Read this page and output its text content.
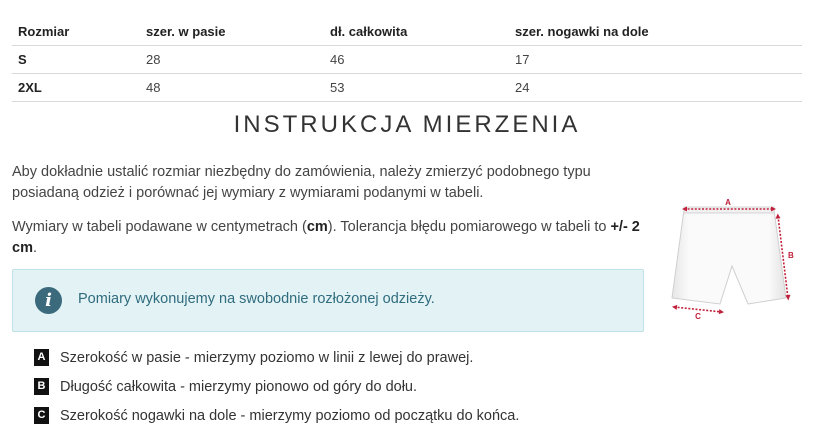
Rozmiar	szer. w pasie	dł. całkowita	szer. nogawki na dole
S	28	46	17
2XL	48	53	24
INSTRUKCJA MIERZENIA

Aby dokładnie ustalić rozmiar niezbędny do zamówienia, należy zmierzyć podobnego typu posiadaną odzież i porównać jej wymiary z wymiarami podanymi w tabeli.

Wymiary w tabeli podawane w centymetrach (cm). Tolerancja błędu pomiarowego w tabeli to +/- 2 cm.

i	Pomiary wykonujemy na swobodnie rozłożonej odzieży.
A Szerokość w pasie - mierzymy poziomo w linii z lewej do prawej.
B Długość całkowita - mierzymy pionowo od góry do dołu.
C Szerokość nogawki na dole - mierzymy poziomo od początku do końca.
A
B
C
